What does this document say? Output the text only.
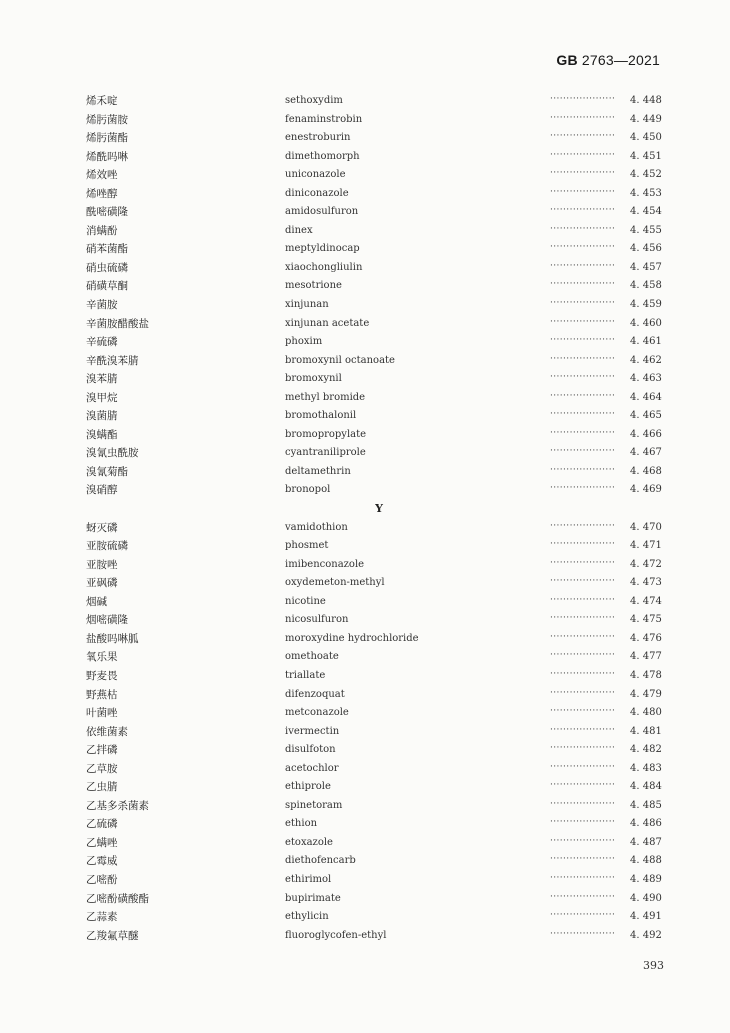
GB 2763—2021
烯禾啶	sethoxydim	···················· 4. 448
烯肟菌胺	fenaminstrobin	···················· 4. 449
烯肟菌酯	enestroburin	···················· 4. 450
烯酰吗啉	dimethomorph	···················· 4. 451
烯效唑	uniconazole	···················· 4. 452
烯唑醇	diniconazole	···················· 4. 453
酰嘧磺隆	amidosulfuron	···················· 4. 454
消螨酚	dinex	···················· 4. 455
硝苯菌酯	meptyldinocap	···················· 4. 456
硝虫硫磷	xiaochongliulin	···················· 4. 457
硝磺草酮	mesotrione	···················· 4. 458
辛菌胺	xinjunan	···················· 4. 459
辛菌胺醋酸盐	xinjunan acetate	···················· 4. 460
辛硫磷	phoxim	···················· 4. 461
辛酰溴苯腈	bromoxynil octanoate	···················· 4. 462
溴苯腈	bromoxynil	···················· 4. 463
溴甲烷	methyl bromide	···················· 4. 464
溴菌腈	bromothalonil	···················· 4. 465
溴螨酯	bromopropylate	···················· 4. 466
溴氰虫酰胺	cyantraniliprole	···················· 4. 467
溴氰菊酯	deltamethrin	···················· 4. 468
溴硝醇	bronopol	···················· 4. 469
Y
蚜灭磷	vamidothion	···················· 4. 470
亚胺硫磷	phosmet	···················· 4. 471
亚胺唑	imibenconazole	···················· 4. 472
亚砜磷	oxydemeton-methyl	···················· 4. 473
烟碱	nicotine	···················· 4. 474
烟嘧磺隆	nicosulfuron	···················· 4. 475
盐酸吗啉胍	moroxydine hydrochloride	···················· 4. 476
氧乐果	omethoate	···················· 4. 477
野麦畏	triallate	···················· 4. 478
野燕枯	difenzoquat	···················· 4. 479
叶菌唑	metconazole	···················· 4. 480
依维菌素	ivermectin	···················· 4. 481
乙拌磷	disulfoton	···················· 4. 482
乙草胺	acetochlor	···················· 4. 483
乙虫腈	ethiprole	···················· 4. 484
乙基多杀菌素	spinetoram	···················· 4. 485
乙硫磷	ethion	···················· 4. 486
乙螨唑	etoxazole	···················· 4. 487
乙霉威	diethofencarb	···················· 4. 488
乙嘧酚	ethirimol	···················· 4. 489
乙嘧酚磺酸酯	bupirimate	···················· 4. 490
乙蒜素	ethylicin	···················· 4. 491
乙羧氟草醚	fluoroglycofen-ethyl	···················· 4. 492
393
